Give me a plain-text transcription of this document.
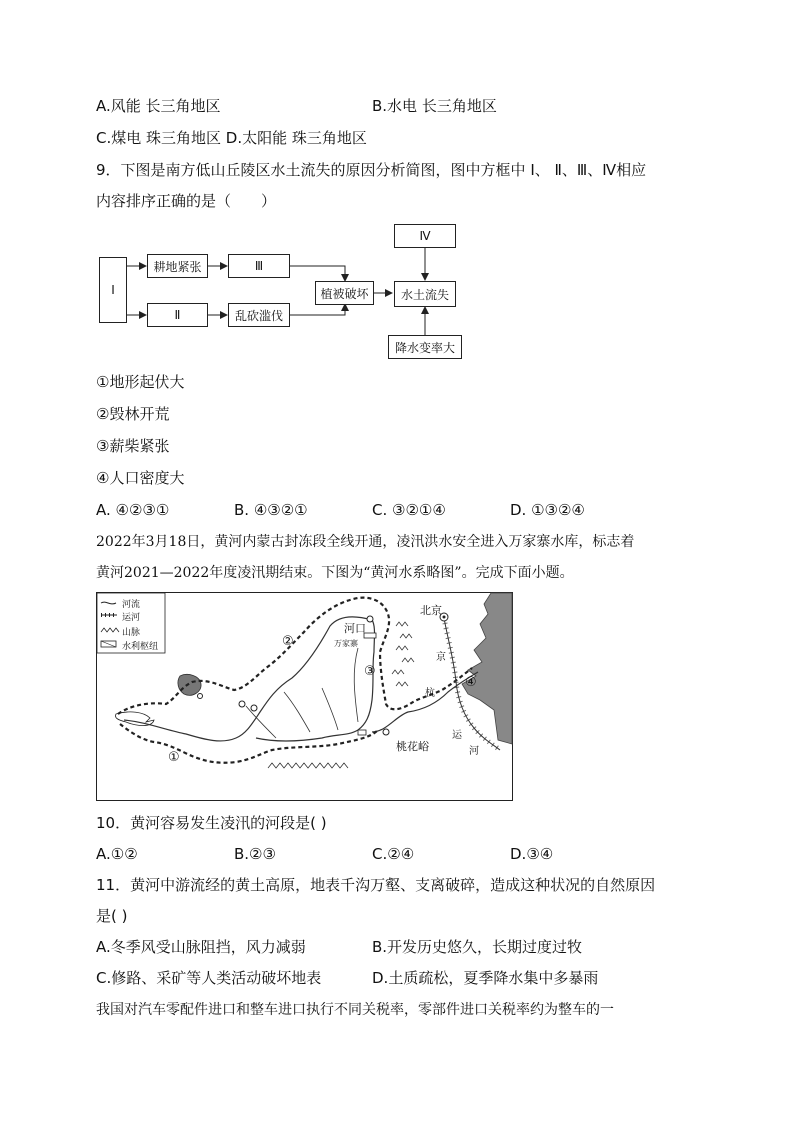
A.风能 长三角地区	B.水电 长三角地区
C.煤电 珠三角地区 D.太阳能 珠三角地区
9．下图是南方低山丘陵区水土流失的原因分析简图，图中方框中 Ⅰ、 Ⅱ、Ⅲ、Ⅳ相应
内容排序正确的是（　　）
Ⅰ
耕地紧张	Ⅲ
Ⅱ	乱砍滥伐
植被破坏
Ⅳ
水土流失
降水变率大
①地形起伏大
②毁林开荒
③薪柴紧张
④人口密度大
A. ④②③①	B. ④③②①	C. ③②①④	D. ①③②④
2022年3月18日，黄河内蒙古封冻段全线开通，凌汛洪水安全进入万家寨水库，标志着
黄河2021—2022年度凌汛期结束。下图为“黄河水系略图”。完成下面小题。
河流
运河
山脉
水利枢纽
北京
河口
万家寨
京
杭
运
河
桃花峪
①
②
③
④
10．黄河容易发生凌汛的河段是( )
A.①②	B.②③	C.②④	D.③④
11．黄河中游流经的黄土高原，地表千沟万壑、支离破碎，造成这种状况的自然原因
是( )
A.冬季风受山脉阻挡，风力减弱	B.开发历史悠久，长期过度过牧
C.修路、采矿等人类活动破坏地表	D.土质疏松，夏季降水集中多暴雨
我国对汽车零配件进口和整车进口执行不同关税率，零部件进口关税率约为整车的一
